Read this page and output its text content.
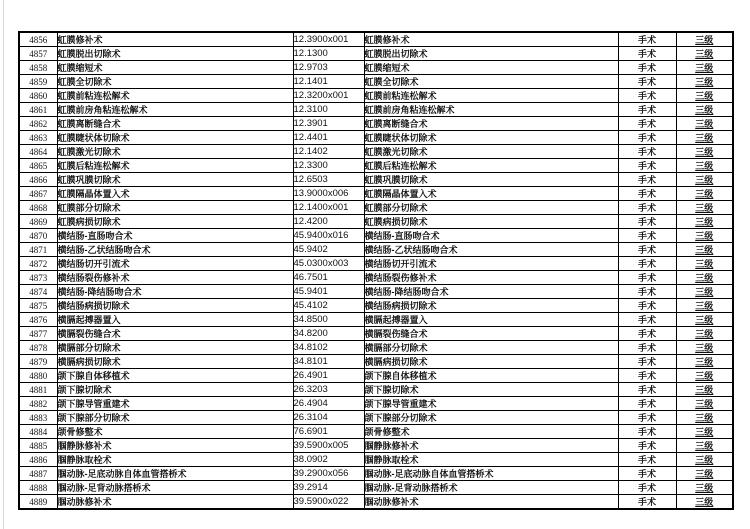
4856	虹膜修补术	12.3900x001	虹膜修补术	手术	三级
4857	虹膜脱出切除术	12.1300	虹膜脱出切除术	手术	三级
4858	虹膜缩短术	12.9703	虹膜缩短术	手术	三级
4859	虹膜全切除术	12.1401	虹膜全切除术	手术	三级
4860	虹膜前粘连松解术	12.3200x001	虹膜前粘连松解术	手术	三级
4861	虹膜前房角粘连松解术	12.3100	虹膜前房角粘连松解术	手术	三级
4862	虹膜离断缝合术	12.3901	虹膜离断缝合术	手术	三级
4863	虹膜睫状体切除术	12.4401	虹膜睫状体切除术	手术	三级
4864	虹膜激光切除术	12.1402	虹膜激光切除术	手术	三级
4865	虹膜后粘连松解术	12.3300	虹膜后粘连松解术	手术	三级
4866	虹膜巩膜切除术	12.6503	虹膜巩膜切除术	手术	三级
4867	虹膜隔晶体置入术	13.9000x006	虹膜隔晶体置入术	手术	三级
4868	虹膜部分切除术	12.1400x001	虹膜部分切除术	手术	三级
4869	虹膜病损切除术	12.4200	虹膜病损切除术	手术	三级
4870	横结肠-直肠吻合术	45.9400x016	横结肠-直肠吻合术	手术	三级
4871	横结肠-乙状结肠吻合术	45.9402	横结肠-乙状结肠吻合术	手术	三级
4872	横结肠切开引流术	45.0300x003	横结肠切开引流术	手术	三级
4873	横结肠裂伤修补术	46.7501	横结肠裂伤修补术	手术	三级
4874	横结肠-降结肠吻合术	45.9401	横结肠-降结肠吻合术	手术	三级
4875	横结肠病损切除术	45.4102	横结肠病损切除术	手术	三级
4876	横膈起搏器置入	34.8500	横膈起搏器置入	手术	三级
4877	横膈裂伤缝合术	34.8200	横膈裂伤缝合术	手术	三级
4878	横膈部分切除术	34.8102	横膈部分切除术	手术	三级
4879	横膈病损切除术	34.8101	横膈病损切除术	手术	三级
4880	颌下腺自体移植术	26.4901	颌下腺自体移植术	手术	三级
4881	颌下腺切除术	26.3203	颌下腺切除术	手术	三级
4882	颌下腺导管重建术	26.4904	颌下腺导管重建术	手术	三级
4883	颌下腺部分切除术	26.3104	颌下腺部分切除术	手术	三级
4884	颌骨修整术	76.6901	颌骨修整术	手术	三级
4885	腘静脉修补术	39.5900x005	腘静脉修补术	手术	三级
4886	腘静脉取栓术	38.0902	腘静脉取栓术	手术	三级
4887	腘动脉-足底动脉自体血管搭桥术	39.2900x056	腘动脉-足底动脉自体血管搭桥术	手术	三级
4888	腘动脉-足背动脉搭桥术	39.2914	腘动脉-足背动脉搭桥术	手术	三级
4889	腘动脉修补术	39.5900x022	腘动脉修补术	手术	三级
